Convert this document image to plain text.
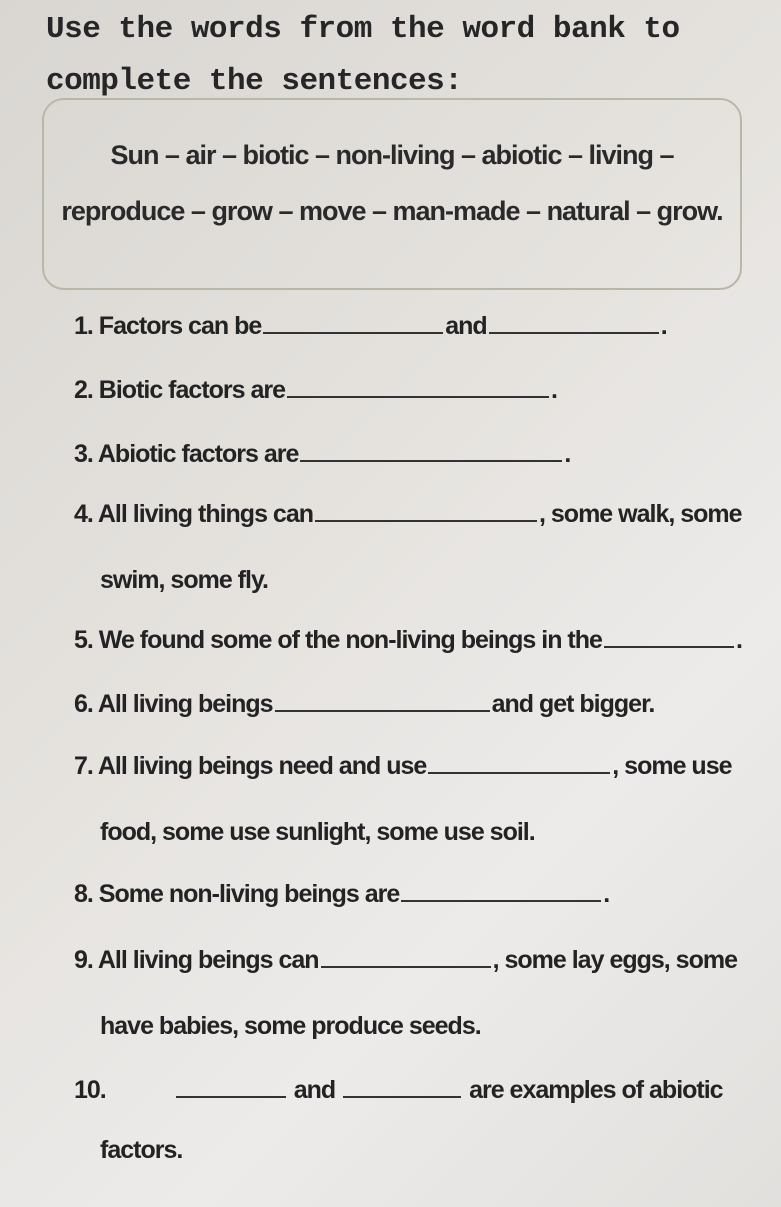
Use the words from the word bank to complete the sentences:

Sun – air – biotic – non-living – abiotic – living –
reproduce – grow – move – man-made – natural – grow.
1. Factors can be	and	.
2. Biotic factors are	.
3. Abiotic factors are	.
4. All living things can	, some walk, some
swim, some fly.
5. We found some of the non-living beings in the	.
6. All living beings	and get bigger.
7. All living beings need and use	, some use
food, some use sunlight, some use soil.
8. Some non-living beings are	.
9. All living beings can	, some lay eggs, some
have babies, some produce seeds.
10.	and	are examples of abiotic
factors.
